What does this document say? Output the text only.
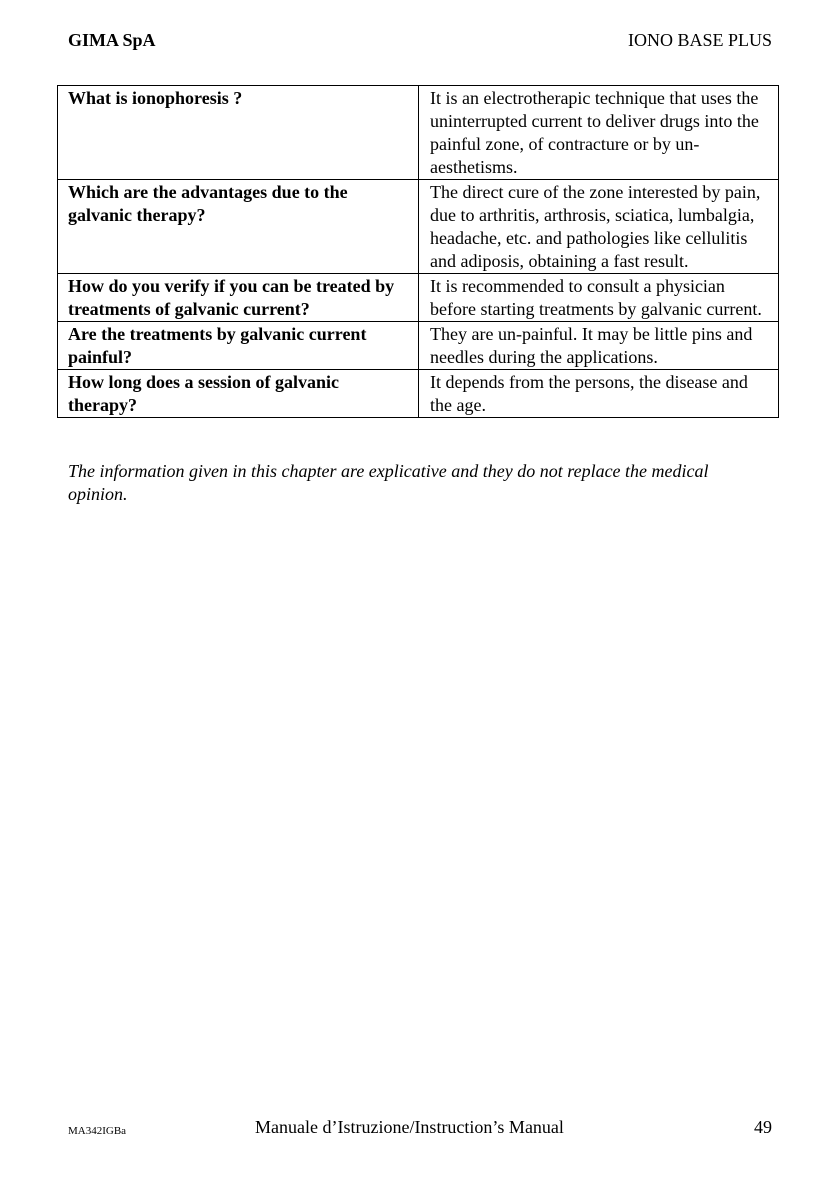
GIMA SpA	IONO BASE PLUS
What is ionophoresis ?	It is an electrotherapic technique that uses the uninterrupted current to deliver drugs into the painful zone, of contracture or by un-aesthetisms.
Which are the advantages due to the galvanic therapy?	The direct cure of the zone interested by pain, due to arthritis, arthrosis, sciatica, lumbalgia, headache, etc. and pathologies like cellulitis and adiposis, obtaining a fast result.
How do you verify if you can be treated by treatments of galvanic current?	It is recommended to consult a physician before starting treatments by galvanic current.
Are the treatments by galvanic current painful?	They are un-painful. It may be little pins and needles during the applications.
How long does a session of galvanic therapy?	It depends from the persons, the disease and the age.
The information given in this chapter are explicative and they do not replace the medical opinion.
MA342IGBa	Manuale d’Istruzione/Instruction’s Manual	49
